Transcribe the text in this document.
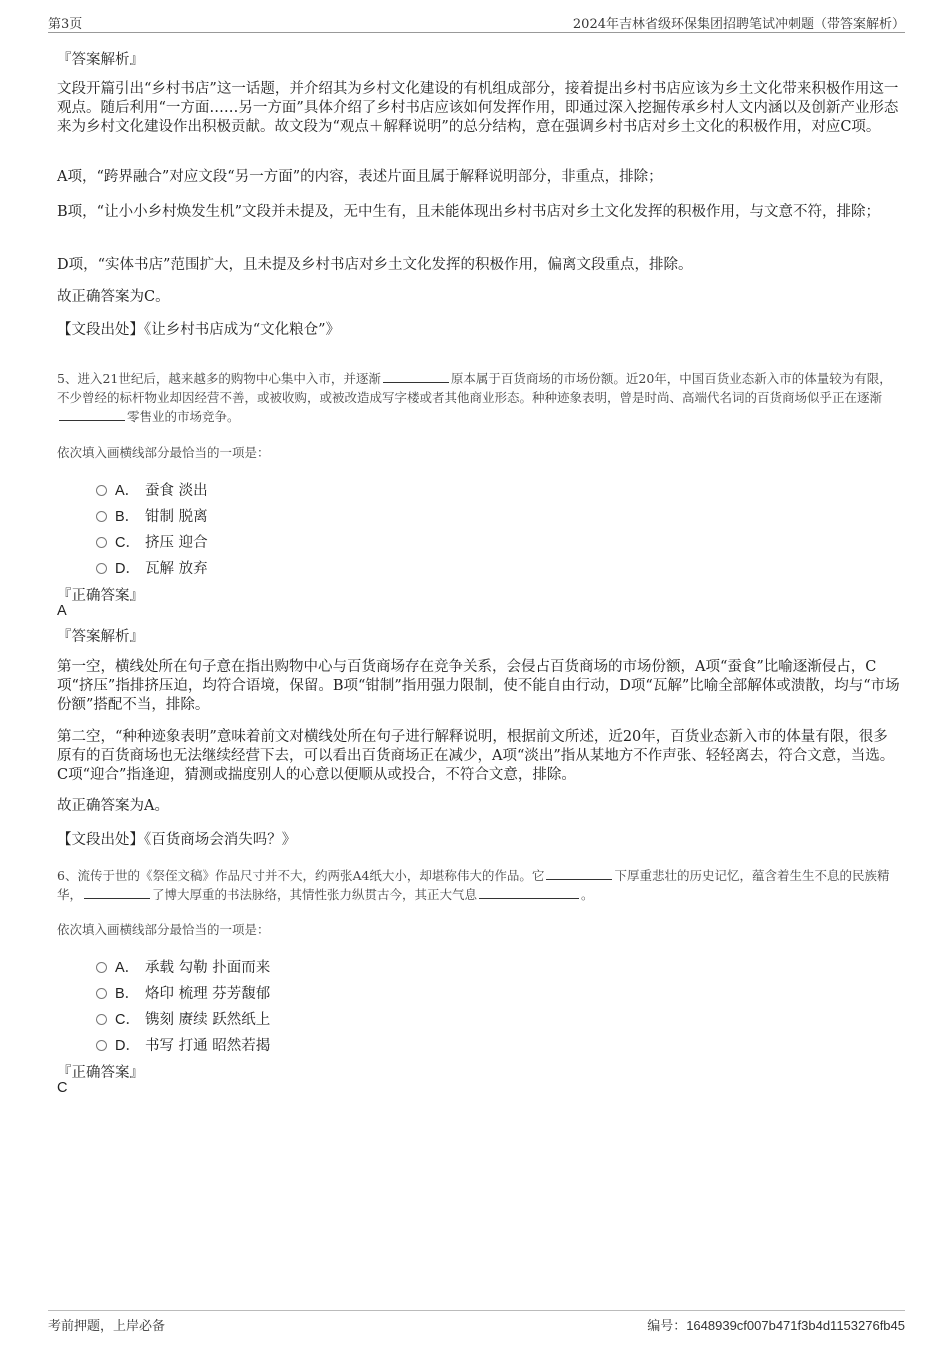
第3页	2024年吉林省级环保集团招聘笔试冲刺题（带答案解析）
『答案解析』
文段开篇引出“乡村书店”这一话题，并介绍其为乡村文化建设的有机组成部分，接着提出乡村书店应该为乡土文化带来积极作用这一观点。随后利用“一方面……另一方面”具体介绍了乡村书店应该如何发挥作用，即通过深入挖掘传承乡村人文内涵以及创新产业形态来为乡村文化建设作出积极贡献。故文段为“观点＋解释说明”的总分结构，意在强调乡村书店对乡土文化的积极作用，对应C项。
A项，“跨界融合”对应文段“另一方面”的内容，表述片面且属于解释说明部分，非重点，排除；
B项，“让小小乡村焕发生机”文段并未提及，无中生有，且未能体现出乡村书店对乡土文化发挥的积极作用，与文意不符，排除；
D项，“实体书店”范围扩大，且未提及乡村书店对乡土文化发挥的积极作用，偏离文段重点，排除。
故正确答案为C。
【文段出处】《让乡村书店成为“文化粮仓”》
5、进入21世纪后，越来越多的购物中心集中入市，并逐渐	原本属于百货商场的市场份额。近20年，中国百货业态新入市的体量较为有限，不少曾经的标杆物业却因经营不善，或被收购，或被改造成写字楼或者其他商业形态。种种迹象表明，曾是时尚、高端代名词的百货商场似乎正在逐渐零售业的市场竞争。
依次填入画横线部分最恰当的一项是：
A． 蚕食 淡出
B． 钳制 脱离
C． 挤压 迎合
D． 瓦解 放弃
『正确答案』
A
『答案解析』
第一空，横线处所在句子意在指出购物中心与百货商场存在竞争关系，会侵占百货商场的市场份额，A项“蚕食”比喻逐渐侵占，C项“挤压”指排挤压迫，均符合语境，保留。B项“钳制”指用强力限制，使不能自由行动，D项“瓦解”比喻全部解体或溃散，均与“市场份额”搭配不当，排除。
第二空，“种种迹象表明”意味着前文对横线处所在句子进行解释说明，根据前文所述，近20年，百货业态新入市的体量有限，很多原有的百货商场也无法继续经营下去，可以看出百货商场正在减少，A项“淡出”指从某地方不作声张、轻轻离去，符合文意，当选。C项“迎合”指逢迎，猜测或揣度别人的心意以便顺从或投合，不符合文意，排除。
故正确答案为A。
【文段出处】《百货商场会消失吗？》
6、流传于世的《祭侄文稿》作品尺寸并不大，约两张A4纸大小，却堪称伟大的作品。它	下厚重悲壮的历史记忆，蕴含着生生不息的民族精华，	了博大厚重的书法脉络，其情性张力纵贯古今，其正大气息	。
依次填入画横线部分最恰当的一项是：
A． 承载 勾勒 扑面而来
B． 烙印 梳理 芬芳馥郁
C． 镌刻 赓续 跃然纸上
D． 书写 打通 昭然若揭
『正确答案』
C
考前押题，上岸必备	编号：1648939cf007b471f3b4d1153276fb45
